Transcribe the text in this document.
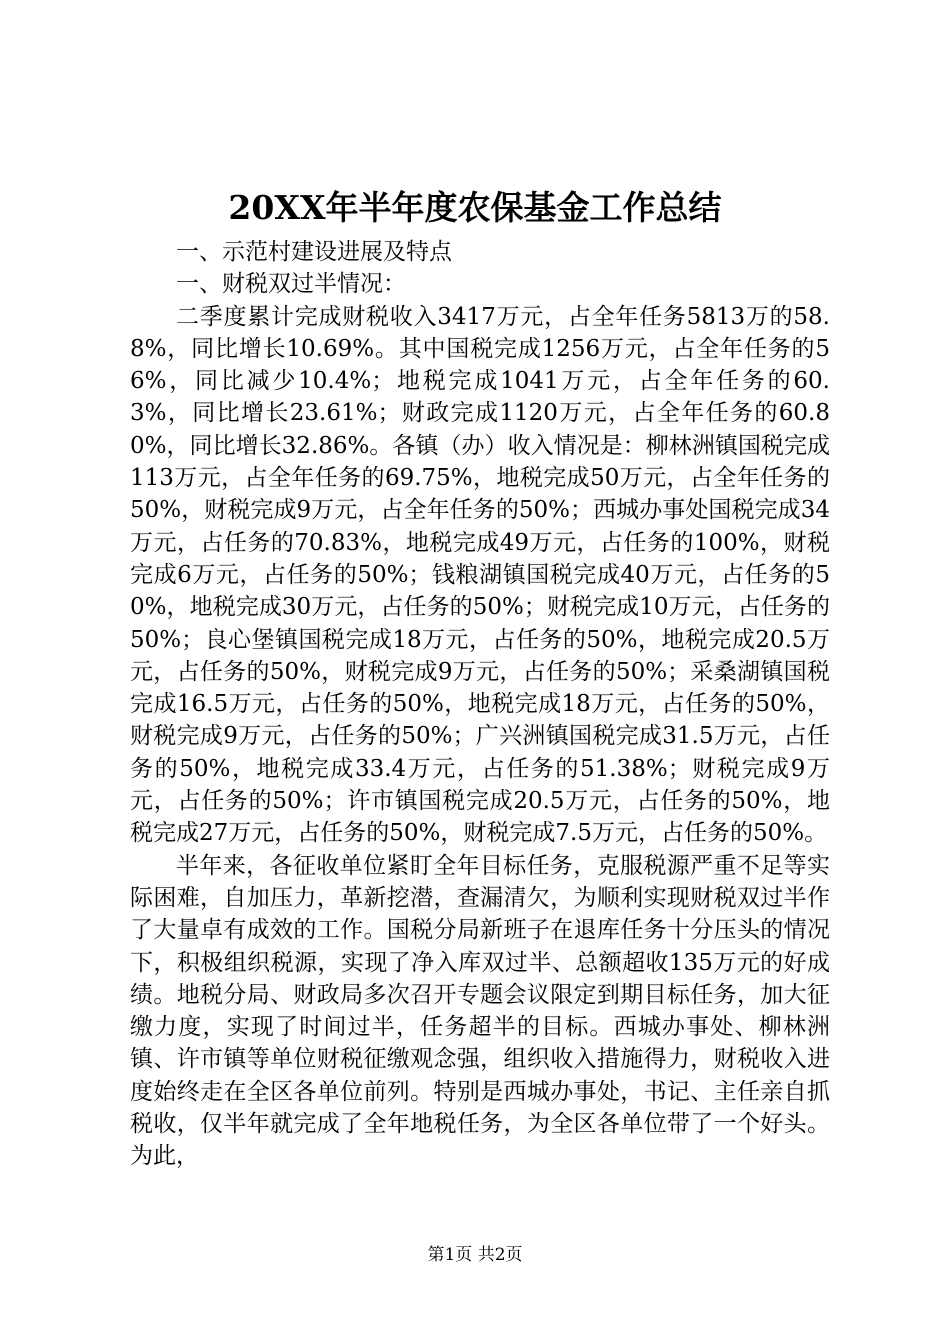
20XX年半年度农保基金工作总结

一、示范村建设进展及特点

一、财税双过半情况：

二季度累计完成财税收入3417万元，占全年任务5813万的58.8%，同比增长10.69%。其中国税完成1256万元，占全年任务的56%，同比减少10.4%；地税完成1041万元，占全年任务的60.3%，同比增长23.61%；财政完成1120万元，占全年任务的60.80%，同比增长32.86%。各镇（办）收入情况是：柳林洲镇国税完成113万元，占全年任务的69.75%，地税完成50万元，占全年任务的50%，财税完成9万元，占全年任务的50%；西城办事处国税完成34万元，占任务的70.83%，地税完成49万元，占任务的100%，财税完成6万元，占任务的50%；钱粮湖镇国税完成40万元，占任务的50%，地税完成30万元，占任务的50%；财税完成10万元，占任务的50%；良心堡镇国税完成18万元，占任务的50%，地税完成20.5万元，占任务的50%，财税完成9万元，占任务的50%；采桑湖镇国税完成16.5万元，占任务的50%，地税完成18万元，占任务的50%，财税完成9万元，占任务的50%；广兴洲镇国税完成31.5万元，占任务的50%，地税完成33.4万元，占任务的51.38%；财税完成9万元，占任务的50%；许市镇国税完成20.5万元，占任务的50%，地税完成27万元，占任务的50%，财税完成7.5万元，占任务的50%。

半年来，各征收单位紧盯全年目标任务，克服税源严重不足等实际困难，自加压力，革新挖潜，查漏清欠，为顺利实现财税双过半作了大量卓有成效的工作。国税分局新班子在退库任务十分压头的情况下，积极组织税源，实现了净入库双过半、总额超收135万元的好成绩。地税分局、财政局多次召开专题会议限定到期目标任务，加大征缴力度，实现了时间过半，任务超半的目标。西城办事处、柳林洲镇、许市镇等单位财税征缴观念强，组织收入措施得力，财税收入进度始终走在全区各单位前列。特别是西城办事处，书记、主任亲自抓税收，仅半年就完成了全年地税任务，为全区各单位带了一个好头。为此，

第1页 共2页
